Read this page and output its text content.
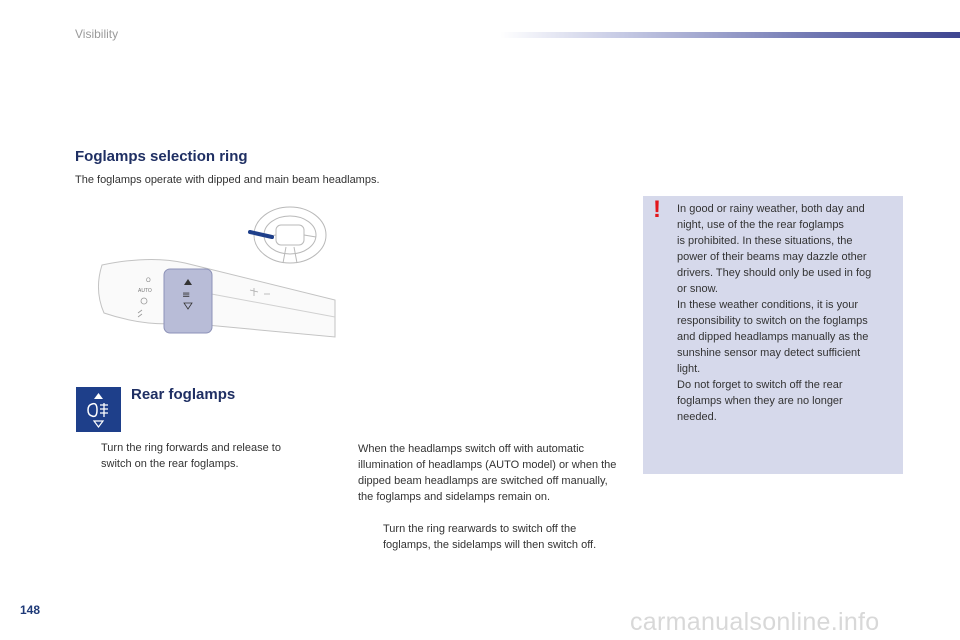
Visibility
Foglamps selection ring
The foglamps operate with dipped and main beam headlamps.
O
AUTO	≡
Rear foglamps
Turn the ring forwards and release to switch on the rear foglamps.
When the headlamps switch off with automatic illumination of headlamps (AUTO model) or when the dipped beam headlamps are switched off manually, the foglamps and sidelamps remain on.
Turn the ring rearwards to switch off the foglamps, the sidelamps will then switch off.
!	In good or rainy weather, both day and
night, use of the the rear foglamps
is prohibited. In these situations, the
power of their beams may dazzle other
drivers. They should only be used in fog
or snow.
In these weather conditions, it is your
responsibility to switch on the foglamps
and dipped headlamps manually as the
sunshine sensor may detect sufficient
light.
Do not forget to switch off the rear
foglamps when they are no longer
needed.
148	carmanualsonline.info
